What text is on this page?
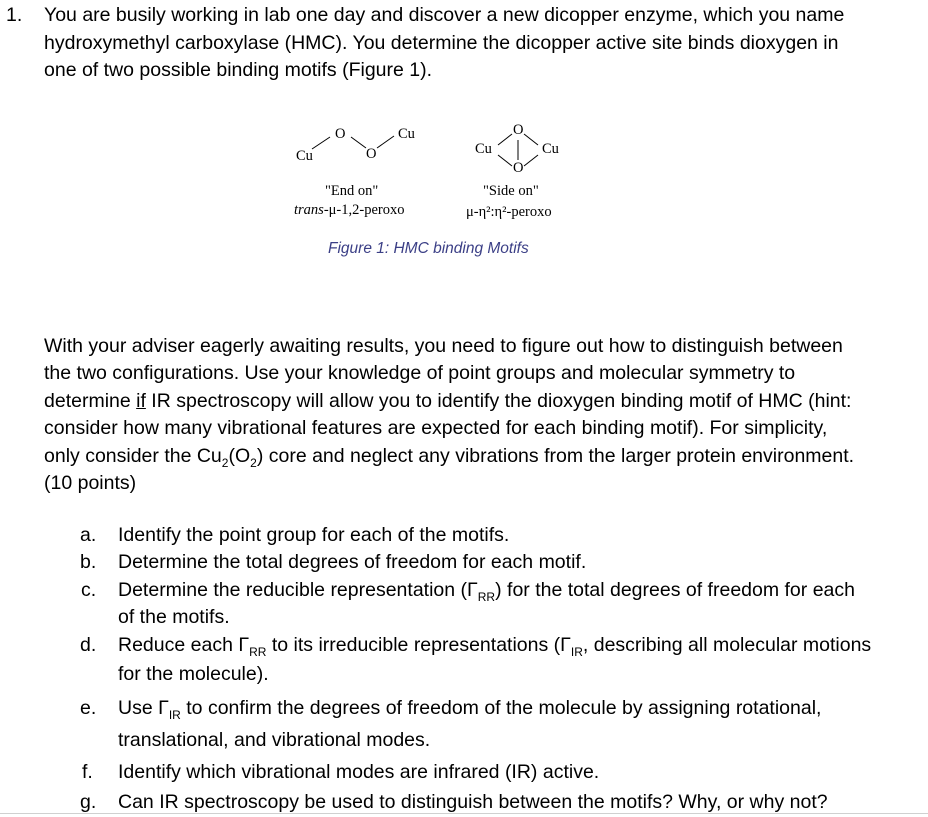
1. You are busily working in lab one day and discover a new dicopper enzyme, which you name
hydroxymethyl carboxylase (HMC). You determine the dicopper active site binds dioxygen in
one of two possible binding motifs (Figure 1).
Cu
O
O
Cu
Cu
O
O
Cu
"End on"
trans-μ-1,2-peroxo
"Side on"
μ-η²:η²-peroxo
Figure 1: HMC binding Motifs
With your adviser eagerly awaiting results, you need to figure out how to distinguish between
the two configurations. Use your knowledge of point groups and molecular symmetry to
determine if IR spectroscopy will allow you to identify the dioxygen binding motif of HMC (hint:
consider how many vibrational features are expected for each binding motif). For simplicity,
only consider the $Cu_2(O_2)$ core and neglect any vibrations from the larger protein environment.
(10 points)
a. Identify the point group for each of the motifs.
b. Determine the total degrees of freedom for each motif.
c. Determine the reducible representation $(\Gamma_{RR})$ for the total degrees of freedom for each
of the motifs.
d. Reduce each $\Gamma_{RR}$ to its irreducible representations ($\Gamma_{IR}$, describing all molecular motions
for the molecule).
e. Use $\Gamma_{IR}$ to confirm the degrees of freedom of the molecule by assigning rotational,
translational, and vibrational modes.
f. Identify which vibrational modes are infrared (IR) active.
g. Can IR spectroscopy be used to distinguish between the motifs? Why, or why not?
